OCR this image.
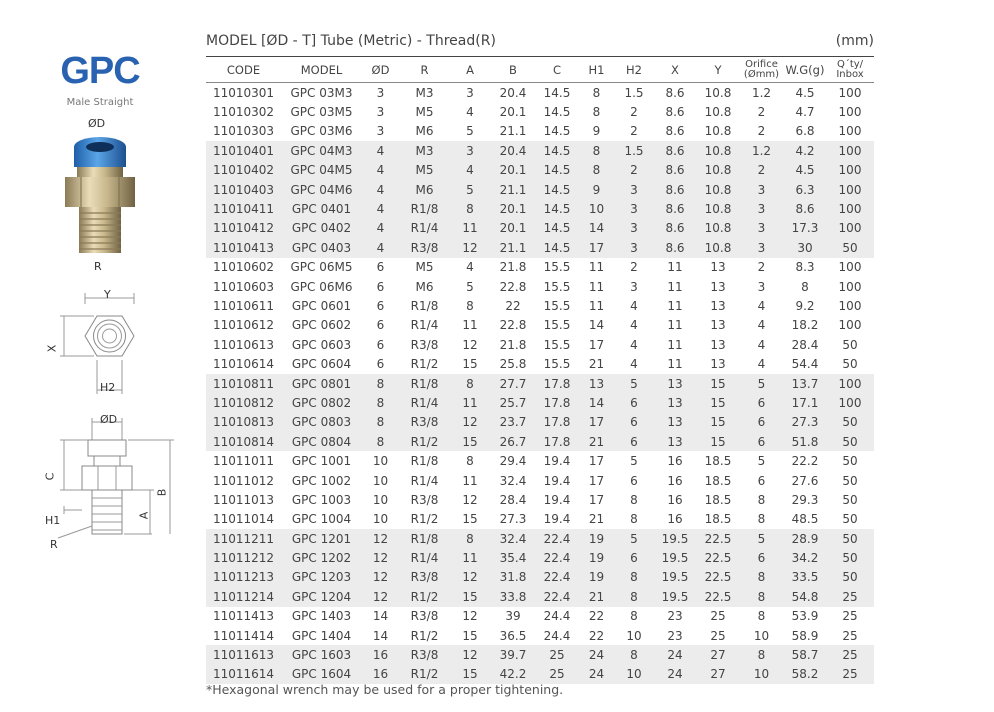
GPC
Male Straight
ØD
R
Y
X
H2
ØD
C
B
A
H1
R
MODEL [ØD - T] Tube (Metric) - Thread(R)	(mm)
CODE	MODEL	ØD	R	A	B	C	H1	H2	X	Y	Orifice
(Ømm)	W.G(g)	Q´ty/
Inbox
11010301	GPC 03M3	3	M3	3	20.4	14.5	8	1.5	8.6	10.8	1.2	4.5	100
11010302	GPC 03M5	3	M5	4	20.1	14.5	8	2	8.6	10.8	2	4.7	100
11010303	GPC 03M6	3	M6	5	21.1	14.5	9	2	8.6	10.8	2	6.8	100
11010401	GPC 04M3	4	M3	3	20.4	14.5	8	1.5	8.6	10.8	1.2	4.2	100
11010402	GPC 04M5	4	M5	4	20.1	14.5	8	2	8.6	10.8	2	4.5	100
11010403	GPC 04M6	4	M6	5	21.1	14.5	9	3	8.6	10.8	3	6.3	100
11010411	GPC 0401	4	R1/8	8	20.1	14.5	10	3	8.6	10.8	3	8.6	100
11010412	GPC 0402	4	R1/4	11	20.1	14.5	14	3	8.6	10.8	3	17.3	100
11010413	GPC 0403	4	R3/8	12	21.1	14.5	17	3	8.6	10.8	3	30	50
11010602	GPC 06M5	6	M5	4	21.8	15.5	11	2	11	13	2	8.3	100
11010603	GPC 06M6	6	M6	5	22.8	15.5	11	3	11	13	3	8	100
11010611	GPC 0601	6	R1/8	8	22	15.5	11	4	11	13	4	9.2	100
11010612	GPC 0602	6	R1/4	11	22.8	15.5	14	4	11	13	4	18.2	100
11010613	GPC 0603	6	R3/8	12	21.8	15.5	17	4	11	13	4	28.4	50
11010614	GPC 0604	6	R1/2	15	25.8	15.5	21	4	11	13	4	54.4	50
11010811	GPC 0801	8	R1/8	8	27.7	17.8	13	5	13	15	5	13.7	100
11010812	GPC 0802	8	R1/4	11	25.7	17.8	14	6	13	15	6	17.1	100
11010813	GPC 0803	8	R3/8	12	23.7	17.8	17	6	13	15	6	27.3	50
11010814	GPC 0804	8	R1/2	15	26.7	17.8	21	6	13	15	6	51.8	50
11011011	GPC 1001	10	R1/8	8	29.4	19.4	17	5	16	18.5	5	22.2	50
11011012	GPC 1002	10	R1/4	11	32.4	19.4	17	6	16	18.5	6	27.6	50
11011013	GPC 1003	10	R3/8	12	28.4	19.4	17	8	16	18.5	8	29.3	50
11011014	GPC 1004	10	R1/2	15	27.3	19.4	21	8	16	18.5	8	48.5	50
11011211	GPC 1201	12	R1/8	8	32.4	22.4	19	5	19.5	22.5	5	28.9	50
11011212	GPC 1202	12	R1/4	11	35.4	22.4	19	6	19.5	22.5	6	34.2	50
11011213	GPC 1203	12	R3/8	12	31.8	22.4	19	8	19.5	22.5	8	33.5	50
11011214	GPC 1204	12	R1/2	15	33.8	22.4	21	8	19.5	22.5	8	54.8	25
11011413	GPC 1403	14	R3/8	12	39	24.4	22	8	23	25	8	53.9	25
11011414	GPC 1404	14	R1/2	15	36.5	24.4	22	10	23	25	10	58.9	25
11011613	GPC 1603	16	R3/8	12	39.7	25	24	8	24	27	8	58.7	25
11011614	GPC 1604	16	R1/2	15	42.2	25	24	10	24	27	10	58.2	25
*Hexagonal wrench may be used for a proper tightening.
